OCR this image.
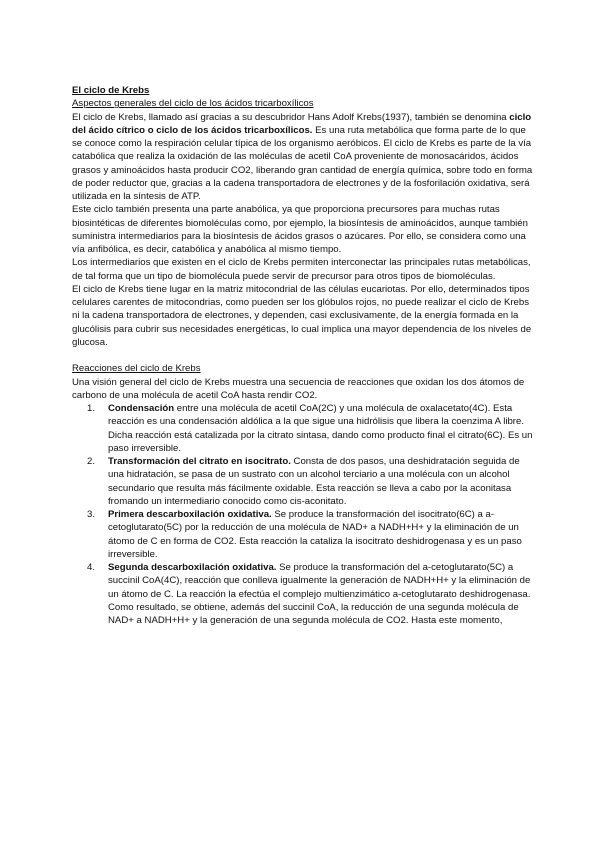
El ciclo de Krebs
Aspectos generales del ciclo de los ácidos tricarboxílicos

El ciclo de Krebs, llamado así gracias a su descubridor Hans Adolf Krebs(1937), también se denomina ciclo del ácido cítrico o ciclo de los ácidos tricarboxílicos. Es una ruta metabólica que forma parte de lo que se conoce como la respiración celular típica de los organismo aeróbicos. El ciclo de Krebs es parte de la vía catabólica que realiza la oxidación de las moléculas de acetil CoA proveniente de monosacáridos, ácidos grasos y aminoácidos hasta producir CO2, liberando gran cantidad de energía química, sobre todo en forma de poder reductor que, gracias a la cadena transportadora de electrones y de la fosforilación oxidativa, será utilizada en la síntesis de ATP.

Este ciclo también presenta una parte anabólica, ya que proporciona precursores para muchas rutas biosintéticas de diferentes biomoléculas como, por ejemplo, la biosíntesis de aminoácidos, aunque también suministra intermediarios para la biosíntesis de ácidos grasos o azúcares. Por ello, se considera como una vía anfibólica, es decir, catabólica y anabólica al mismo tiempo.

Los intermediarios que existen en el ciclo de Krebs permiten interconectar las principales rutas metabólicas, de tal forma que un tipo de biomolécula puede servir de precursor para otros tipos de biomoléculas.

El ciclo de Krebs tiene lugar en la matriz mitocondrial de las células eucariotas. Por ello, determinados tipos celulares carentes de mitocondrias, como pueden ser los glóbulos rojos, no puede realizar el ciclo de Krebs ni la cadena transportadora de electrones, y dependen, casi exclusivamente, de la energía formada en la glucólisis para cubrir sus necesidades energéticas, lo cual implica una mayor dependencia de los niveles de glucosa.

Reacciones del ciclo de Krebs

Una visión general del ciclo de Krebs muestra una secuencia de reacciones que oxidan los dos átomos de carbono de una molécula de acetil CoA hasta rendir CO2.

1. Condensación entre una molécula de acetil CoA(2C) y una molécula de oxalacetato(4C). Esta reacción es una condensación aldólica a la que sigue una hidrólisis que libera la coenzima A libre. Dicha reacción está catalizada por la citrato sintasa, dando como producto final el citrato(6C). Es un paso irreversible.
2. Transformación del citrato en isocitrato. Consta de dos pasos, una deshidratación seguida de una hidratación, se pasa de un sustrato con un alcohol terciario a una molécula con un alcohol secundario que resulta más fácilmente oxidable. Esta reacción se lleva a cabo por la aconitasa fromando un intermediario conocido como cis-aconitato.
3. Primera descarboxilación oxidativa. Se produce la transformación del isocitrato(6C) a a-cetoglutarato(5C) por la reducción de una molécula de NAD+ a NADH+H+ y la eliminación de un átomo de C en forma de CO2. Esta reacción la cataliza la isocitrato deshidrogenasa y es un paso irreversible.
4. Segunda descarboxilación oxidativa. Se produce la transformación del a-cetoglutarato(5C) a succinil CoA(4C), reacción que conlleva igualmente la generación de NADH+H+ y la eliminación de un átomo de C. La reacción la efectúa el complejo multienzimático a-cetoglutarato deshidrogenasa. Como resultado, se obtiene, además del succinil CoA, la reducción de una segunda molécula de NAD+ a NADH+H+ y la generación de una segunda molécula de CO2. Hasta este momento,
